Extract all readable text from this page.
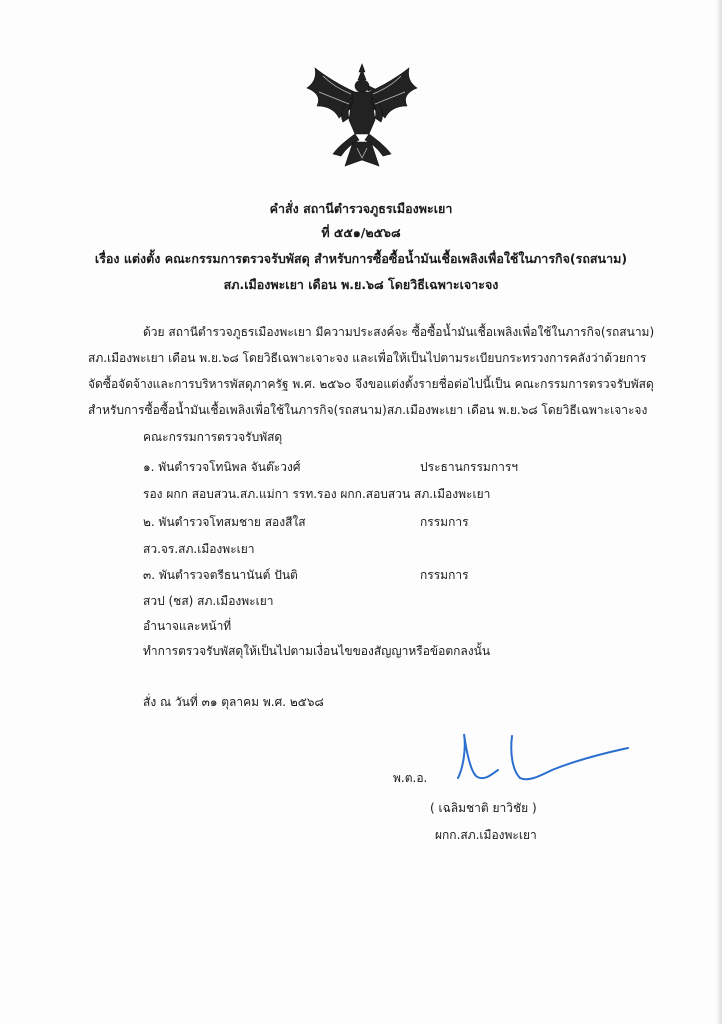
คำสั่ง สถานีตำรวจภูธรเมืองพะเยา
ที่ ๕๕๑/๒๕๖๘
เรื่อง แต่งตั้ง คณะกรรมการตรวจรับพัสดุ สำหรับการซื้อซื้อน้ำมันเชื้อเพลิงเพื่อใช้ในภารกิจ(รถสนาม)
สภ.เมืองพะเยา เดือน พ.ย.๖๘ โดยวิธีเฉพาะเจาะจง
ด้วย สถานีตำรวจภูธรเมืองพะเยา มีความประสงค์จะ ซื้อซื้อน้ำมันเชื้อเพลิงเพื่อใช้ในภารกิจ(รถสนาม)
สภ.เมืองพะเยา เดือน พ.ย.๖๘ โดยวิธีเฉพาะเจาะจง และเพื่อให้เป็นไปตามระเบียบกระทรวงการคลังว่าด้วยการ
จัดซื้อจัดจ้างและการบริหารพัสดุภาครัฐ พ.ศ. ๒๕๖๐ จึงขอแต่งตั้งรายชื่อต่อไปนี้เป็น คณะกรรมการตรวจรับพัสดุ
สำหรับการซื้อซื้อน้ำมันเชื้อเพลิงเพื่อใช้ในภารกิจ(รถสนาม)สภ.เมืองพะเยา เดือน พ.ย.๖๘ โดยวิธีเฉพาะเจาะจง
คณะกรรมการตรวจรับพัสดุ
๑. พันตำรวจโทนิพล จันต๊ะวงศ์	ประธานกรรมการฯ
รอง ผกก สอบสวน.สภ.แม่กา รรท.รอง ผกก.สอบสวน สภ.เมืองพะเยา
๒. พันตำรวจโทสมชาย สองสีใส	กรรมการ
สว.จร.สภ.เมืองพะเยา
๓. พันตำรวจตรีธนานันต์ ปันติ	กรรมการ
สวป (ชส) สภ.เมืองพะเยา
อำนาจและหน้าที่
ทำการตรวจรับพัสดุให้เป็นไปตามเงื่อนไขของสัญญาหรือข้อตกลงนั้น
สั่ง ณ วันที่ ๓๑ ตุลาคม พ.ศ. ๒๕๖๘
พ.ต.อ.
( เฉลิมชาติ ยาวิชัย )
ผกก.สภ.เมืองพะเยา
